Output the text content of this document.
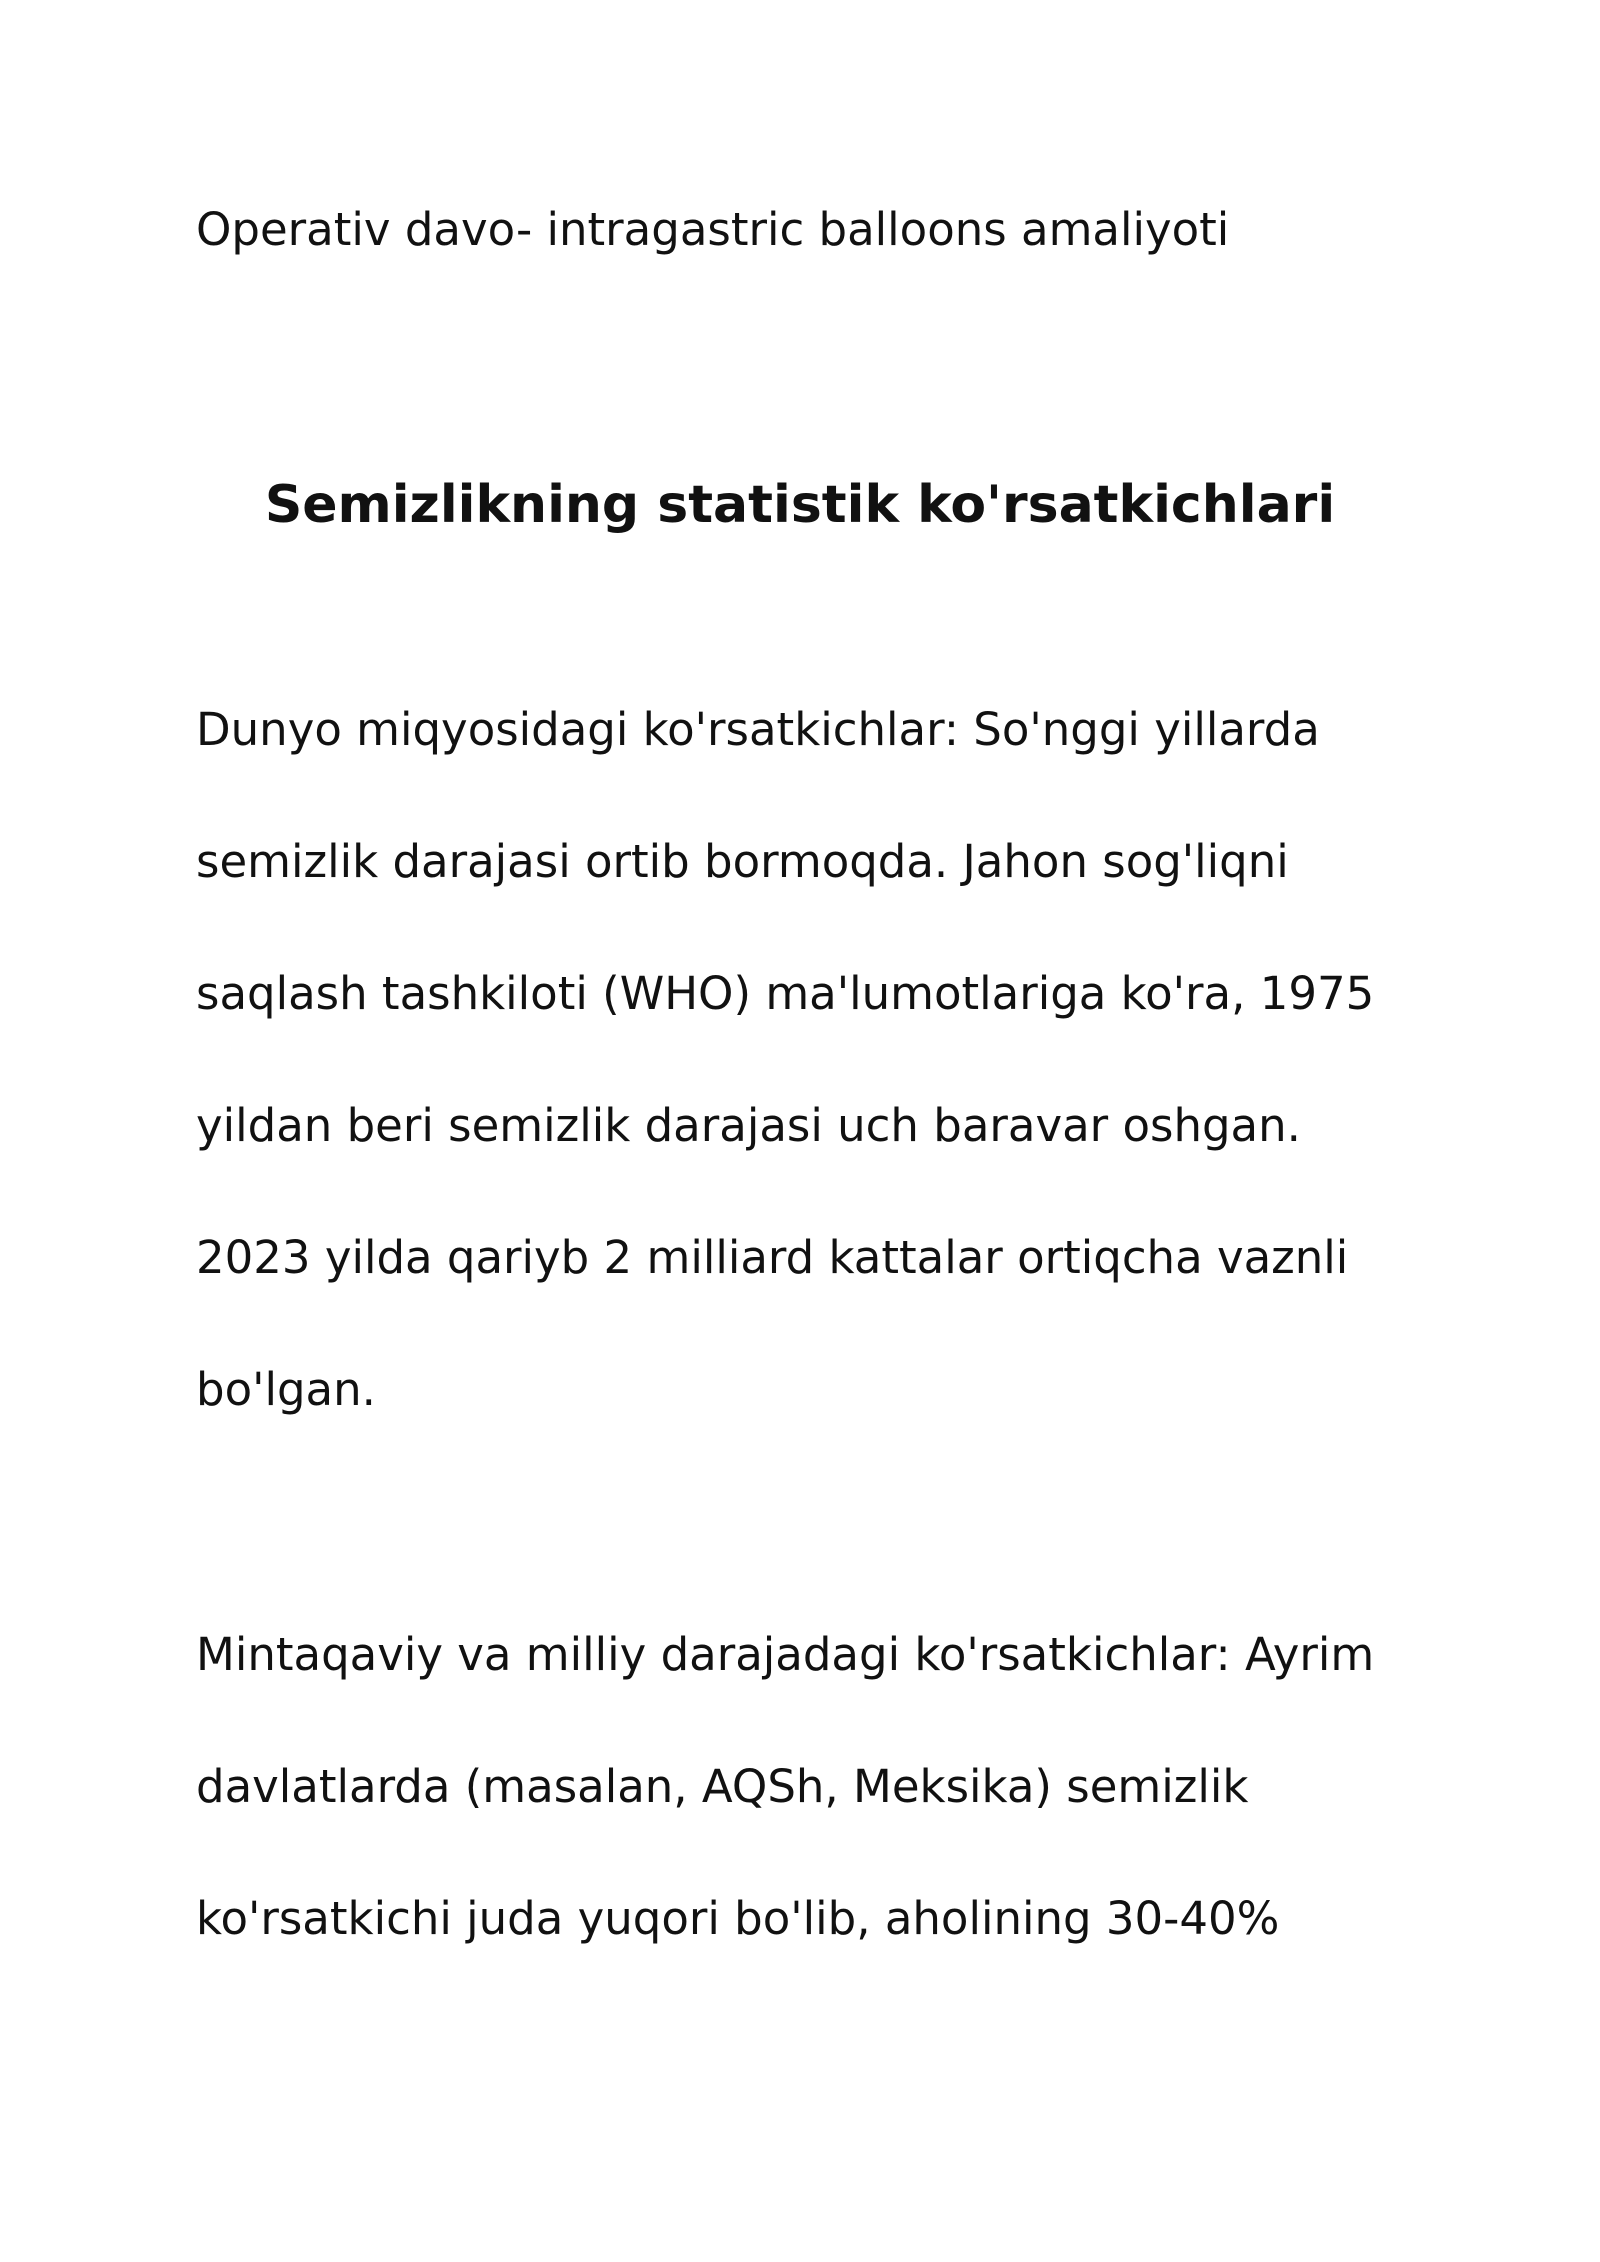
Operativ davo- intragastric balloons amaliyoti
Semizlikning statistik ko'rsatkichlari
Dunyo miqyosidagi ko'rsatkichlar: So'nggi yillarda
semizlik darajasi ortib bormoqda. Jahon sog'liqni
saqlash tashkiloti (WHO) ma'lumotlariga ko'ra, 1975
yildan beri semizlik darajasi uch baravar oshgan.
2023 yilda qariyb 2 milliard kattalar ortiqcha vaznli
bo'lgan.
Mintaqaviy va milliy darajadagi ko'rsatkichlar: Ayrim
davlatlarda (masalan, AQSh, Meksika) semizlik
ko'rsatkichi juda yuqori bo'lib, aholining 30-40%
